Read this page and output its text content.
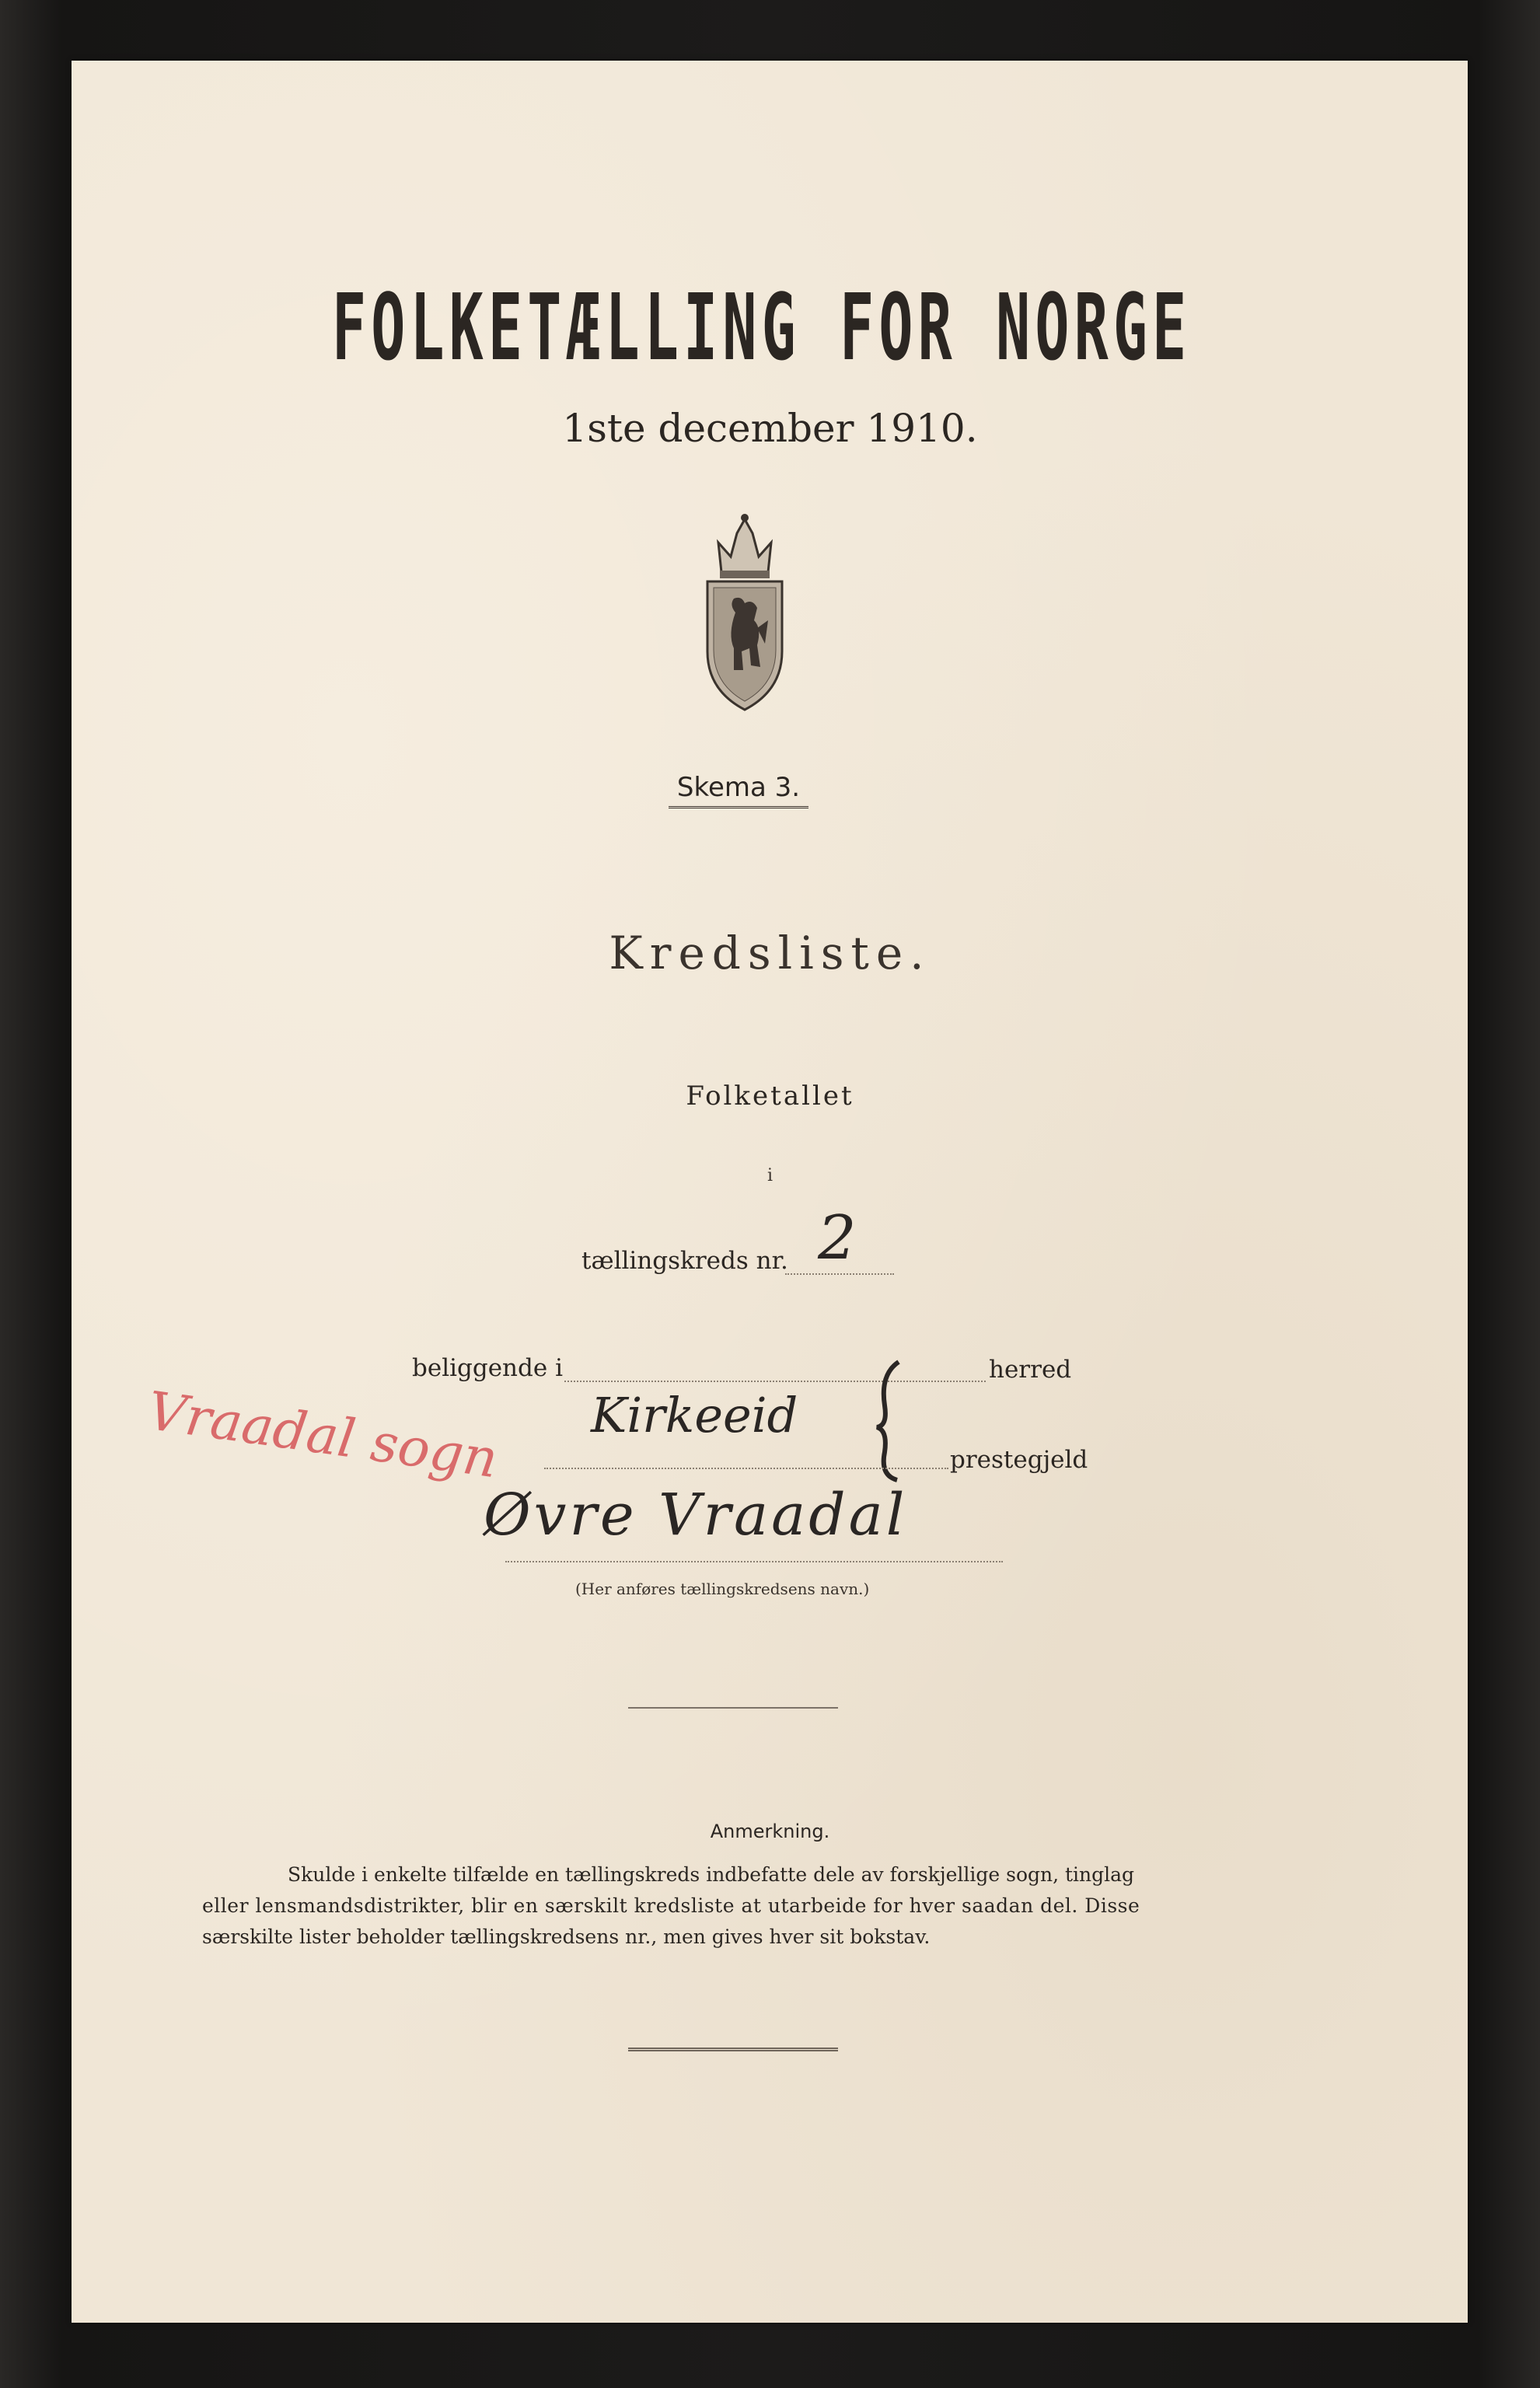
FOLKETÆLLING FOR NORGE
1ste december 1910.
Skema 3.
Kredsliste.
Folketallet
i
tællingskreds nr. 2
beliggende i	herred
Vraadal sogn Kirkeeid
prestegjeld
Øvre Vraadal
(Her anføres tællingskredsens navn.)
Anmerkning.
Skulde i enkelte tilfælde en tællingskreds indbefatte dele av forskjellige sogn, tinglag
eller lensmandsdistrikter, blir en særskilt kredsliste at utarbeide for hver saadan del. Disse
særskilte lister beholder tællingskredsens nr., men gives hver sit bokstav.
